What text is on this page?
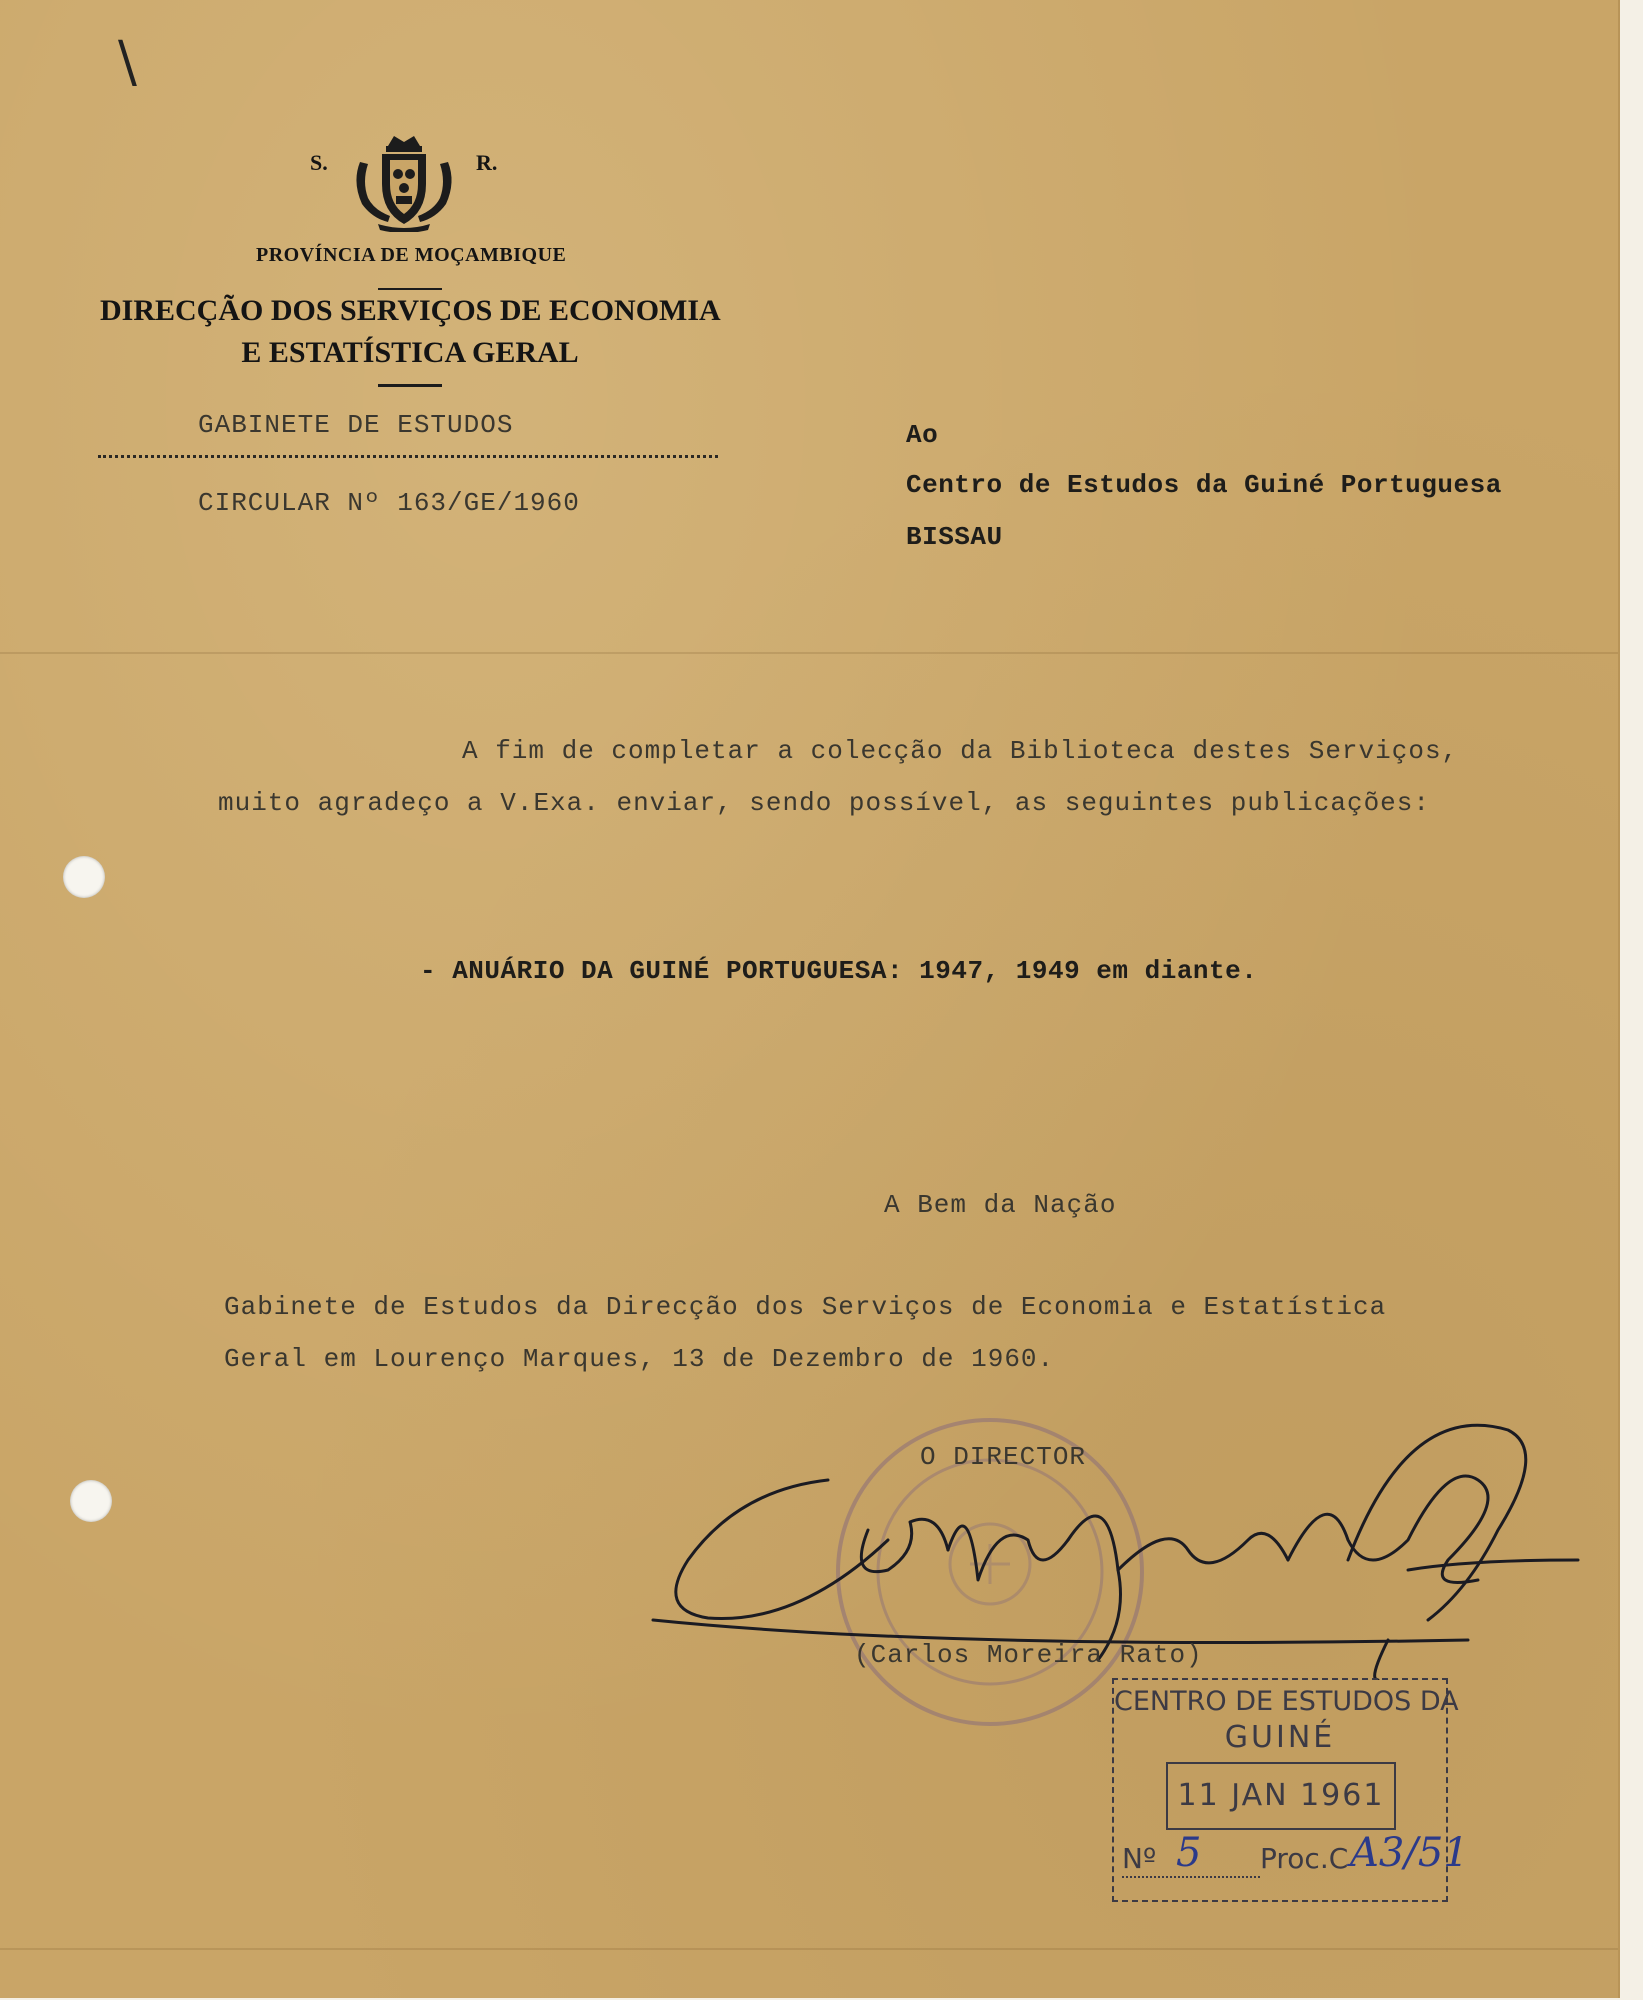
\
S.	R.
PROVÍNCIA DE MOÇAMBIQUE
DIRECÇÃO DOS SERVIÇOS DE ECONOMIA
E ESTATÍSTICA GERAL
GABINETE DE ESTUDOS
CIRCULAR Nº 163/GE/1960
Ao
Centro de Estudos da Guiné Portuguesa
BISSAU
A fim de completar a colecção da Biblioteca destes Serviços,
muito agradeço a V.Exa. enviar, sendo possível, as seguintes publicações:
- ANUÁRIO DA GUINÉ PORTUGUESA: 1947, 1949 em diante.
A Bem da Nação
Gabinete de Estudos da Direcção dos Serviços de Economia e Estatística
Geral em Lourenço Marques, 13 de Dezembro de 1960.
O DIRECTOR
(Carlos Moreira Rato)
CENTRO DE ESTUDOS DA
GUINÉ
11 JAN 1961
Nº 5 Proc.C A3/51
